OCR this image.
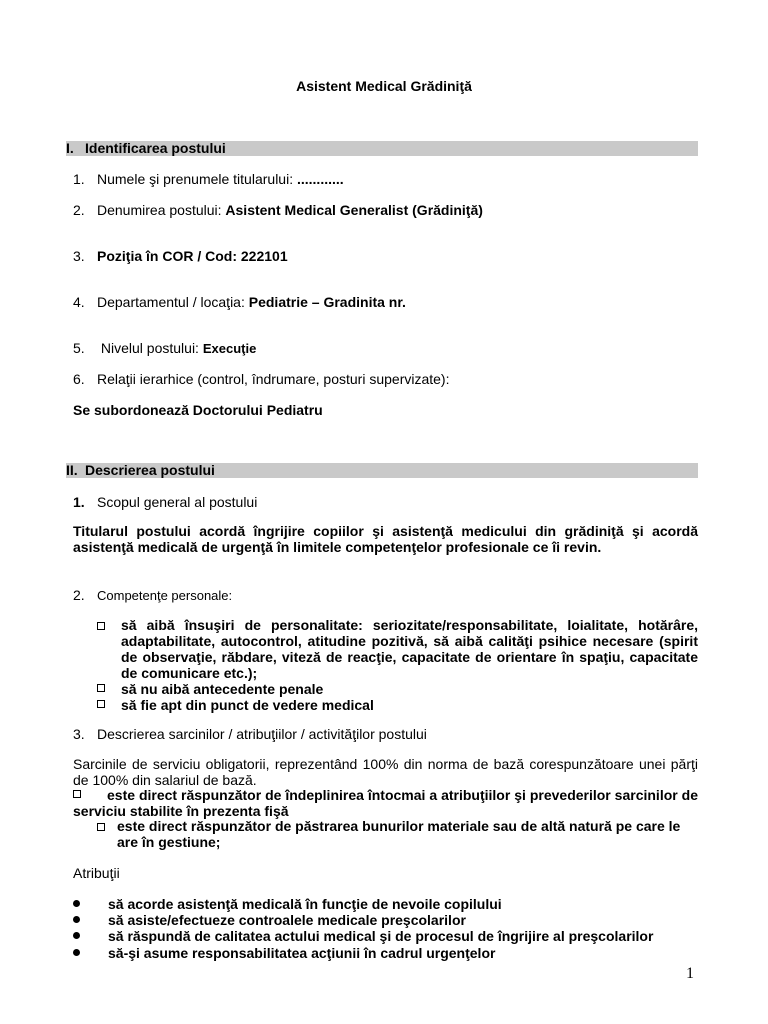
Asistent Medical Grădiniţă
I. Identificarea postului
1. Numele şi prenumele titularului: ............
2. Denumirea postului: Asistent Medical Generalist (Grădiniţă)
3. Poziţia în COR / Cod: 222101
4. Departamentul / locaţia: Pediatrie – Gradinita nr.
5. Nivelul postului: Execuţie
6. Relaţii ierarhice (control, îndrumare, posturi supervizate):
Se subordonează Doctorului Pediatru
II. Descrierea postului
1. Scopul general al postului
Titularul postului acordă îngrijire copiilor şi asistenţă medicului din grădiniţă şi acordă asistenţă medicală de urgenţă în limitele competenţelor profesionale ce îi revin.
2. Competenţe personale:
să aibă însuşiri de personalitate: seriozitate/responsabilitate, loialitate, hotărâre, adaptabilitate, autocontrol, atitudine pozitivă, să aibă calităţi psihice necesare (spirit de observaţie, răbdare, viteză de reacţie, capacitate de orientare în spaţiu, capacitate de comunicare etc.);
să nu aibă antecedente penale
să fie apt din punct de vedere medical
3. Descrierea sarcinilor / atribuţiilor / activităţilor postului
Sarcinile de serviciu obligatorii, reprezentând 100% din norma de bază corespunzătoare unei părţi de 100% din salariul de bază.
este direct răspunzător de îndeplinirea întocmai a atribuţiilor şi prevederilor sarcinilor de serviciu stabilite în prezenta fişă
este direct răspunzător de păstrarea bunurilor materiale sau de altă natură pe care le are în gestiune;
Atribuţii
să acorde asistenţă medicală în funcţie de nevoile copilului
să asiste/efectueze controalele medicale preşcolarilor
să răspundă de calitatea actului medical şi de procesul de îngrijire al preşcolarilor
să-şi asume responsabilitatea acţiunii în cadrul urgenţelor
1
